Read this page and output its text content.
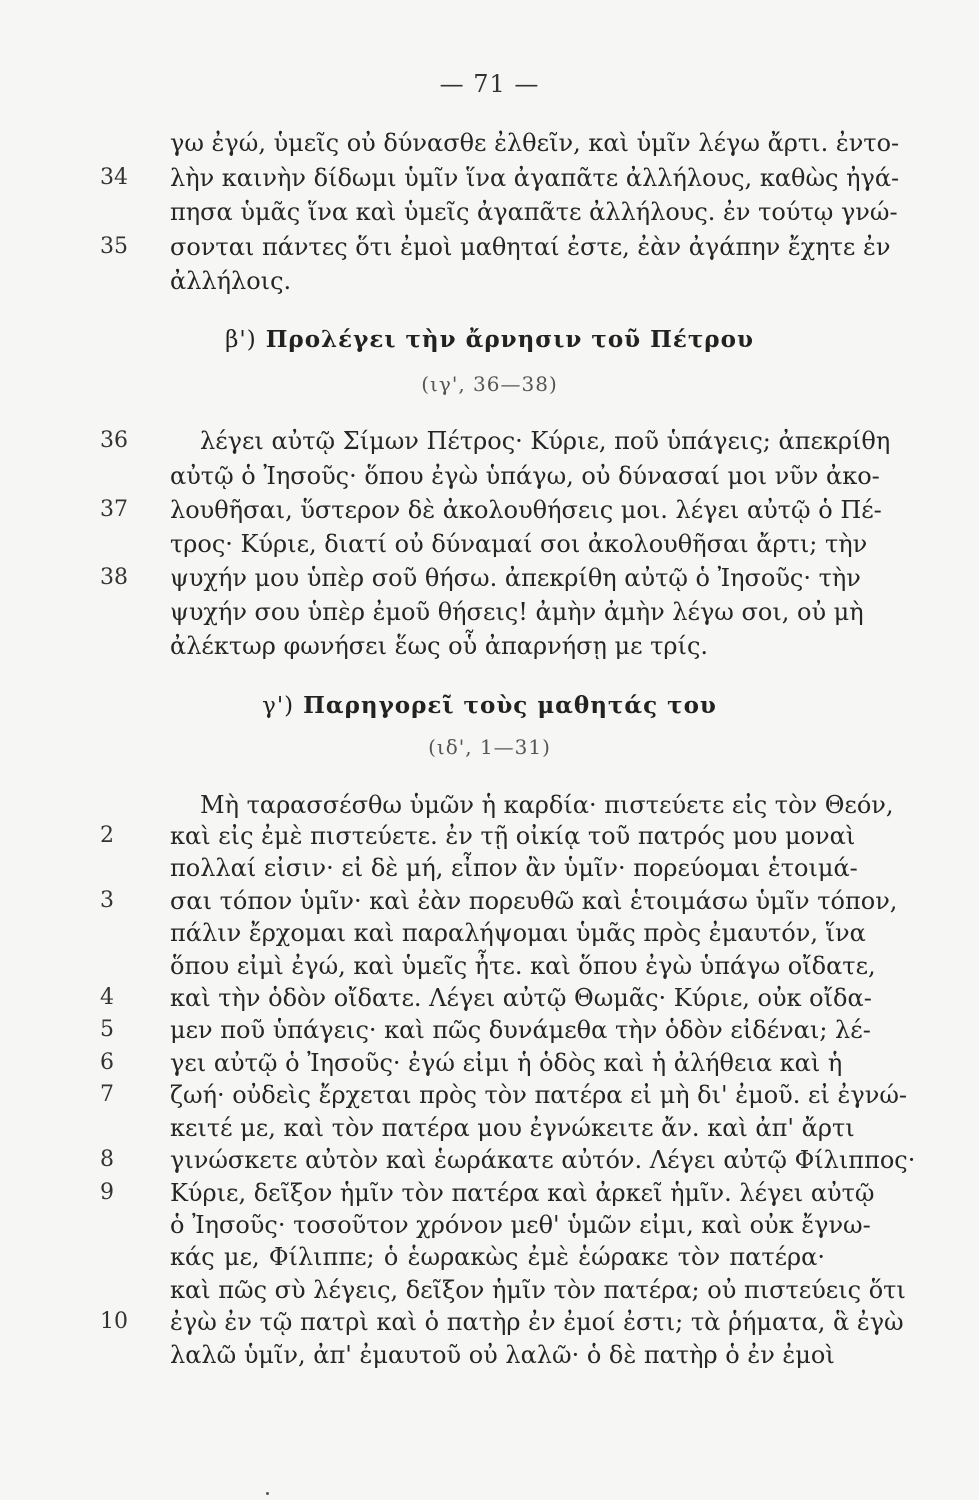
— 71 —
γω ἐγώ, ὑμεῖς οὐ δύνασθε ἐλθεῖν, καὶ ὑμῖν λέγω ἄρτι. ἐντο-
34	λὴν καινὴν δίδωμι ὑμῖν ἵνα ἀγαπᾶτε ἀλλήλους, καθὼς ἠγά-
πησα ὑμᾶς ἵνα καὶ ὑμεῖς ἀγαπᾶτε ἀλλήλους. ἐν τούτῳ γνώ-
35	σονται πάντες ὅτι ἐμοὶ μαθηταί ἐστε, ἐὰν ἀγάπην ἔχητε ἐν
ἀλλήλοις.
β') Προλέγει τὴν ἄρνησιν τοῦ Πέτρου
(ιγ', 36—38)
36	λέγει αὐτῷ Σίμων Πέτρος· Κύριε, ποῦ ὑπάγεις; ἀπεκρίθη
αὐτῷ ὁ Ἰησοῦς· ὅπου ἐγὼ ὑπάγω, οὐ δύνασαί μοι νῦν ἀκο-
37	λουθῆσαι, ὕστερον δὲ ἀκολουθήσεις μοι. λέγει αὐτῷ ὁ Πέ-
τρος· Κύριε, διατί οὐ δύναμαί σοι ἀκολουθῆσαι ἄρτι; τὴν
38	ψυχήν μου ὑπὲρ σοῦ θήσω. ἀπεκρίθη αὐτῷ ὁ Ἰησοῦς· τὴν
ψυχήν σου ὑπὲρ ἐμοῦ θήσεις! ἀμὴν ἀμὴν λέγω σοι, οὐ μὴ
ἀλέκτωρ φωνήσει ἕως οὗ ἀπαρνήσῃ με τρίς.
γ') Παρηγορεῖ τοὺς μαθητάς του
(ιδ', 1—31)
Μὴ ταρασσέσθω ὑμῶν ἡ καρδία· πιστεύετε εἰς τὸν Θεόν,
2	καὶ εἰς ἐμὲ πιστεύετε. ἐν τῇ οἰκίᾳ τοῦ πατρός μου μοναὶ
πολλαί εἰσιν· εἰ δὲ μή, εἶπον ἂν ὑμῖν· πορεύομαι ἑτοιμά-
3	σαι τόπον ὑμῖν· καὶ ἐὰν πορευθῶ καὶ ἑτοιμάσω ὑμῖν τόπον,
πάλιν ἔρχομαι καὶ παραλήψομαι ὑμᾶς πρὸς ἐμαυτόν, ἵνα
ὅπου εἰμὶ ἐγώ, καὶ ὑμεῖς ἦτε. καὶ ὅπου ἐγὼ ὑπάγω οἴδατε,
4	καὶ τὴν ὁδὸν οἴδατε. Λέγει αὐτῷ Θωμᾶς· Κύριε, οὐκ οἴδα-
5	μεν ποῦ ὑπάγεις· καὶ πῶς δυνάμεθα τὴν ὁδὸν εἰδέναι; λέ-
6	γει αὐτῷ ὁ Ἰησοῦς· ἐγώ εἰμι ἡ ὁδὸς καὶ ἡ ἀλήθεια καὶ ἡ
7	ζωή· οὐδεὶς ἔρχεται πρὸς τὸν πατέρα εἰ μὴ δι' ἐμοῦ. εἰ ἐγνώ-
κειτέ με, καὶ τὸν πατέρα μου ἐγνώκειτε ἄν. καὶ ἀπ' ἄρτι
8	γινώσκετε αὐτὸν καὶ ἑωράκατε αὐτόν. Λέγει αὐτῷ Φίλιππος·
9	Κύριε, δεῖξον ἡμῖν τὸν πατέρα καὶ ἀρκεῖ ἡμῖν. λέγει αὐτῷ
ὁ Ἰησοῦς· τοσοῦτον χρόνον μεθ' ὑμῶν εἰμι, καὶ οὐκ ἔγνω-
κάς με, Φίλιππε; ὁ ἑωρακὼς ἐμὲ ἑώρακε τὸν πατέρα·
καὶ πῶς σὺ λέγεις, δεῖξον ἡμῖν τὸν πατέρα; οὐ πιστεύεις ὅτι
10	ἐγὼ ἐν τῷ πατρὶ καὶ ὁ πατὴρ ἐν ἐμοί ἐστι; τὰ ῥήματα, ἃ ἐγὼ
λαλῶ ὑμῖν, ἀπ' ἐμαυτοῦ οὐ λαλῶ· ὁ δὲ πατὴρ ὁ ἐν ἐμοὶ
